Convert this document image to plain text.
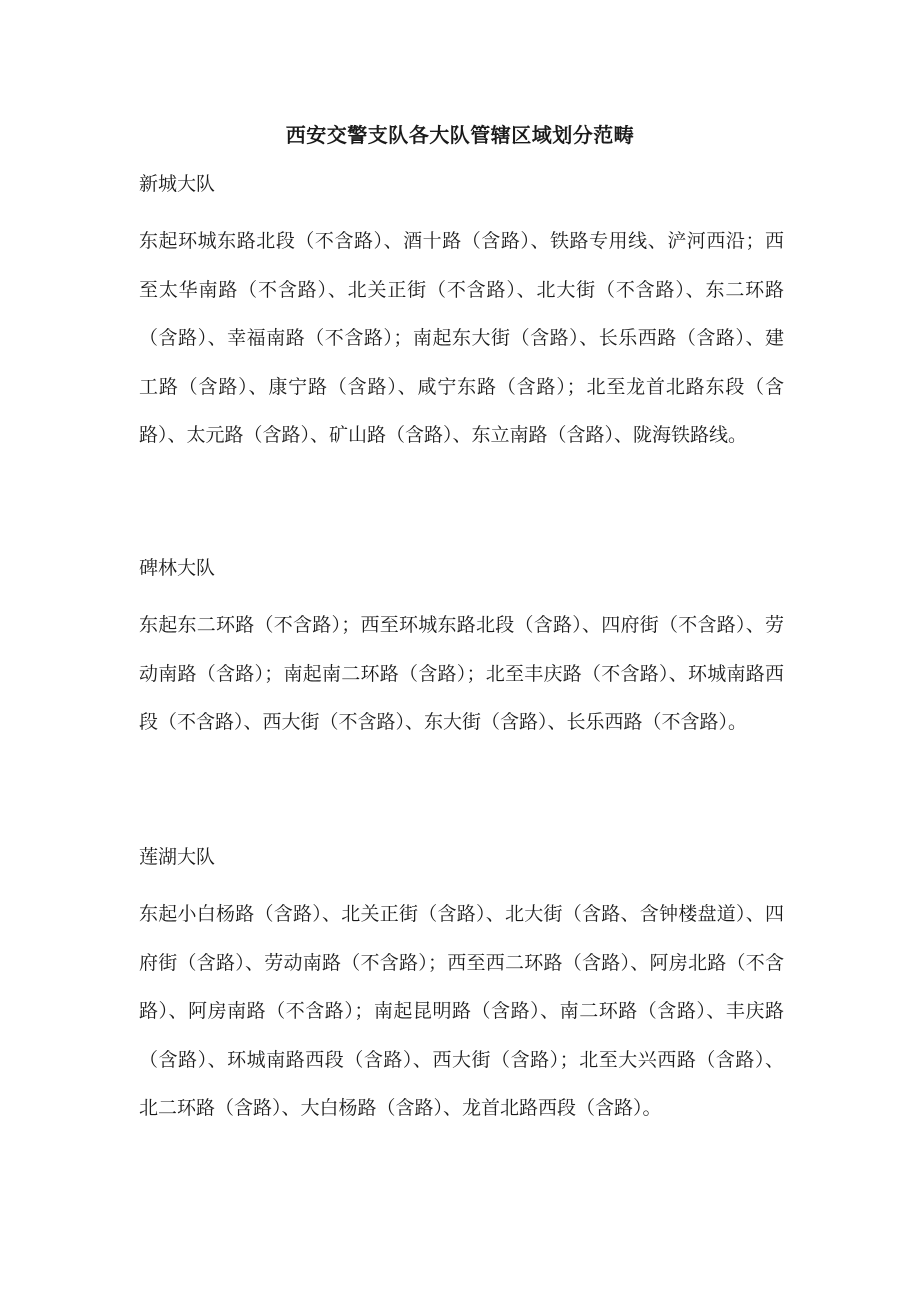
西安交警支队各大队管辖区域划分范畴
新城大队

东起环城东路北段（不含路）、酒十路（含路）、铁路专用线、浐河西沿；西至太华南路（不含路）、北关正街（不含路）、北大街（不含路）、东二环路（含路）、幸福南路（不含路）；南起东大街（含路）、长乐西路（含路）、建工路（含路）、康宁路（含路）、咸宁东路（含路）；北至龙首北路东段（含路）、太元路（含路）、矿山路（含路）、东立南路（含路）、陇海铁路线。

碑林大队

东起东二环路（不含路）；西至环城东路北段（含路）、四府街（不含路）、劳动南路（含路）；南起南二环路（含路）；北至丰庆路（不含路）、环城南路西段（不含路）、西大街（不含路）、东大街（含路）、长乐西路（不含路）。

莲湖大队

东起小白杨路（含路）、北关正街（含路）、北大街（含路、含钟楼盘道）、四府街（含路）、劳动南路（不含路）；西至西二环路（含路）、阿房北路（不含路）、阿房南路（不含路）；南起昆明路（含路）、南二环路（含路）、丰庆路（含路）、环城南路西段（含路）、西大街（含路）；北至大兴西路（含路）、北二环路（含路）、大白杨路（含路）、龙首北路西段（含路）。
